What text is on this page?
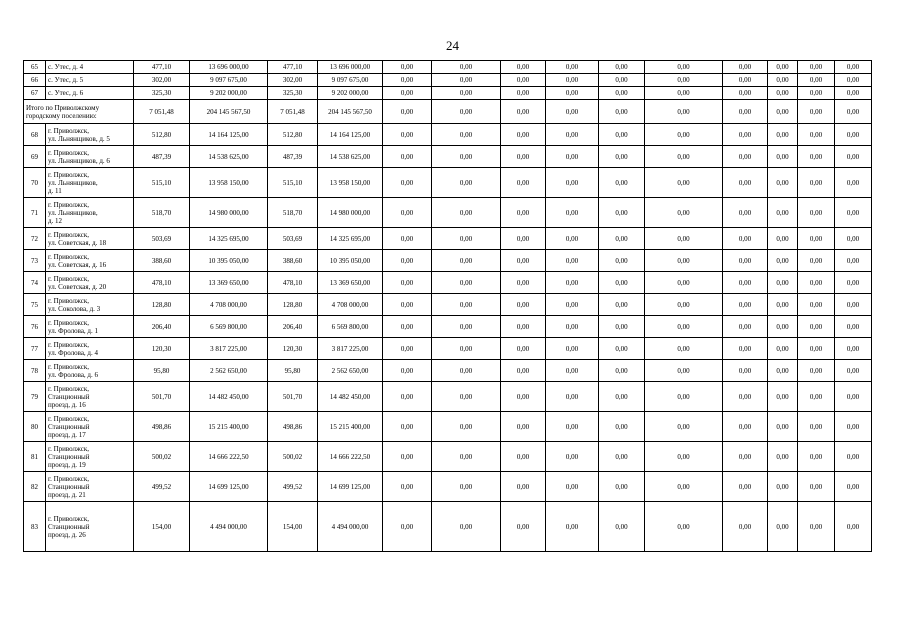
24
65	с. Утес, д. 4	477,10	13 696 000,00	477,10	13 696 000,00	0,00	0,00	0,00	0,00	0,00	0,00	0,00	0,00	0,00	0,00		
66	с. Утес, д. 5	302,00	9 097 675,00	302,00	9 097 675,00	0,00	0,00	0,00	0,00	0,00	0,00	0,00	0,00	0,00	0,00		
67	с. Утес, д. 6	325,30	9 202 000,00	325,30	9 202 000,00	0,00	0,00	0,00	0,00	0,00	0,00	0,00	0,00	0,00	0,00		

Итого по Приволжскому
городскому поселению:		7 051,48	204 145 567,50	7 051,48	204 145 567,50	0,00	0,00	0,00	0,00	0,00	0,00	0,00	0,00	0,00	0,00		
68	г. Приволжск,
ул. Льнянщиков, д. 5	512,80	14 164 125,00	512,80	14 164 125,00	0,00	0,00	0,00	0,00	0,00	0,00	0,00	0,00	0,00	0,00		
69	г. Приволжск,
ул. Льнянщиков, д. 6	487,39	14 538 625,00	487,39	14 538 625,00	0,00	0,00	0,00	0,00	0,00	0,00	0,00	0,00	0,00	0,00		
70	г. Приволжск,
ул. Льнянщиков,
д. 11	515,10	13 958 150,00	515,10	13 958 150,00	0,00	0,00	0,00	0,00	0,00	0,00	0,00	0,00	0,00	0,00		
71	г. Приволжск,
ул. Льнянщиков,
д. 12	518,70	14 980 000,00	518,70	14 980 000,00	0,00	0,00	0,00	0,00	0,00	0,00	0,00	0,00	0,00	0,00		
72	г. Приволжск,
ул. Советская, д. 18	503,69	14 325 695,00	503,69	14 325 695,00	0,00	0,00	0,00	0,00	0,00	0,00	0,00	0,00	0,00	0,00		
73	г. Приволжск,
ул. Советская, д. 16	388,60	10 395 050,00	388,60	10 395 050,00	0,00	0,00	0,00	0,00	0,00	0,00	0,00	0,00	0,00	0,00		
74	г. Приволжск,
ул. Советская, д. 20	478,10	13 369 650,00	478,10	13 369 650,00	0,00	0,00	0,00	0,00	0,00	0,00	0,00	0,00	0,00	0,00		
75	г. Приволжск,
ул. Соколова, д. 3	128,80	4 708 000,00	128,80	4 708 000,00	0,00	0,00	0,00	0,00	0,00	0,00	0,00	0,00	0,00	0,00		
76	г. Приволжск,
ул. Фролова, д. 1	206,40	6 569 800,00	206,40	6 569 800,00	0,00	0,00	0,00	0,00	0,00	0,00	0,00	0,00	0,00	0,00		
77	г. Приволжск,
ул. Фролова, д. 4	120,30	3 817 225,00	120,30	3 817 225,00	0,00	0,00	0,00	0,00	0,00	0,00	0,00	0,00	0,00	0,00		
78	г. Приволжск,
ул. Фролова, д. 6	95,80	2 562 650,00	95,80	2 562 650,00	0,00	0,00	0,00	0,00	0,00	0,00	0,00	0,00	0,00	0,00		
79	г. Приволжск,
Станционный
проезд, д. 16	501,70	14 482 450,00	501,70	14 482 450,00	0,00	0,00	0,00	0,00	0,00	0,00	0,00	0,00	0,00	0,00		
80	г. Приволжск,
Станционный
проезд, д. 17	498,86	15 215 400,00	498,86	15 215 400,00	0,00	0,00	0,00	0,00	0,00	0,00	0,00	0,00	0,00	0,00		
81	г. Приволжск,
Станционный
проезд, д. 19	500,02	14 666 222,50	500,02	14 666 222,50	0,00	0,00	0,00	0,00	0,00	0,00	0,00	0,00	0,00	0,00		
82	г. Приволжск,
Станционный
проезд, д. 21	499,52	14 699 125,00	499,52	14 699 125,00	0,00	0,00	0,00	0,00	0,00	0,00	0,00	0,00	0,00	0,00		
83	г. Приволжск,
Станционный
проезд, д. 26	154,00	4 494 000,00	154,00	4 494 000,00	0,00	0,00	0,00	0,00	0,00	0,00	0,00	0,00	0,00	0,00		
